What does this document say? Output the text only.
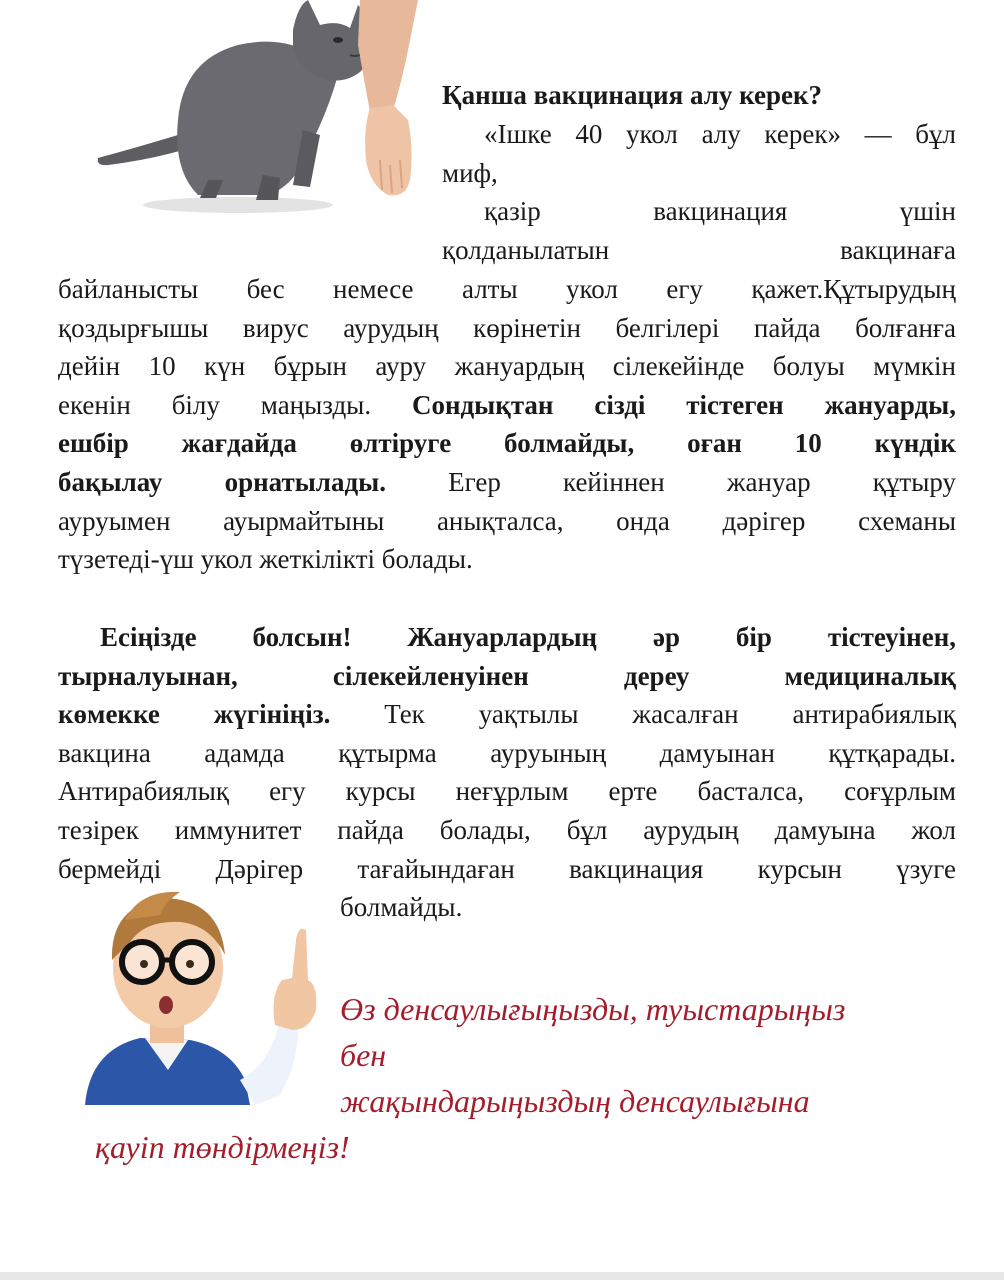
Қанша вакцинация алу керек?
«Ішке 40 укол алу керек» — бұл
миф,
қазір вакцинация үшін
қолданылатын вакцинаға
байланысты бес немесе алты укол егу қажет.Құтырудың
қоздырғышы вирус аурудың көрінетін белгілері пайда болғанға
дейін 10 күн бұрын ауру жануардың сілекейінде болуы мүмкін
екенін білу маңызды. Сондықтан сізді тістеген жануарды,
ешбір жағдайда өлтіруге болмайды, оған 10 күндік
бақылау орнатылады. Егер кейіннен жануар құтыру
ауруымен ауырмайтыны анықталса, онда дәрігер схеманы
түзетеді-үш укол жеткілікті болады.
Есіңізде болсын! Жануарлардың әр бір тістеуінен,
тырналуынан, сілекейленуінен дереу медициналық
көмекке жүгініңіз. Тек уақтылы жасалған антирабиялық
вакцина адамда құтырма ауруының дамуынан құтқарады.
Антирабиялық егу курсы неғұрлым ерте басталса, соғұрлым
тезірек иммунитет пайда болады, бұл аурудың дамуына жол
бермейді Дәрігер тағайындаған вакцинация курсын үзуге
болмайды.
Өз денсаулығыңызды, туыстарыңыз
бен
жақындарыңыздың денсаулығына
қауіп төндірмеңіз!
